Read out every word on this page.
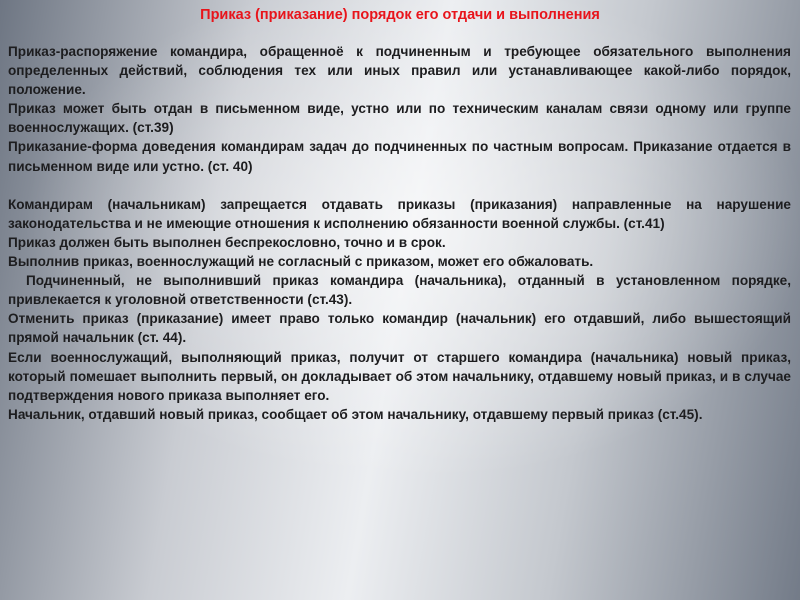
Приказ (приказание) порядок его отдачи и выполнения

Приказ-распоряжение командира, обращенноё к подчиненным и требующее обязательного выполнения определенных действий, соблюдения тех или иных правил или устанавливающее какой-либо порядок, положение.

Приказ может быть отдан в письменном виде, устно или по техническим каналам связи одному или группе военнослужащих. (ст.39)

Приказание-форма доведения командирам задач до подчиненных по частным вопросам. Приказание отдается в письменном виде или устно. (ст. 40)

Командирам (начальникам) запрещается отдавать приказы (приказания) направленные на нарушение законодательства и не имеющие отношения к исполнению обязанности военной службы. (ст.41)

Приказ должен быть выполнен беспрекословно, точно и в срок.

Выполнив приказ, военнослужащий не согласный с приказом, может его обжаловать.

Подчиненный, не выполнивший приказ командира (начальника), отданный в установленном порядке, привлекается к уголовной ответственности (ст.43).

Отменить приказ (приказание) имеет право только командир (начальник) его отдавший, либо вышестоящий прямой начальник (ст. 44).

Если военнослужащий, выполняющий приказ, получит от старшего командира (начальника) новый приказ, который помешает выполнить первый, он докладывает об этом начальнику, отдавшему новый приказ, и в случае подтверждения нового приказа выполняет его.

Начальник, отдавший новый приказ, сообщает об этом начальнику, отдавшему первый приказ (ст.45).
